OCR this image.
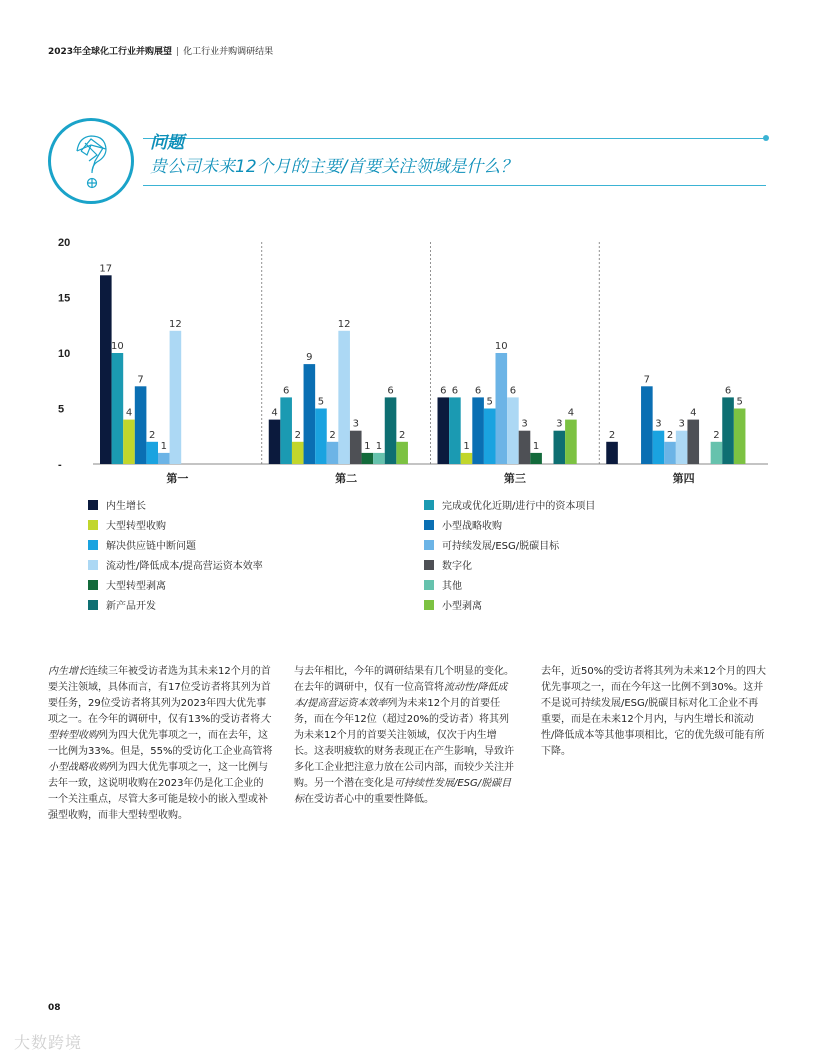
2023年全球化工行业并购展望 | 化工行业并购调研结果
问题
贵公司未来12个月的主要/首要关注领域是什么？
20
15
10
5
-
17
10
4
7
2
1
12
第一
4
6
2
9
5
2
12
3
1 1
6
2
第二
6 6
1
6
5
10
6
3
1
3
4
第三
2
7
3
2
3
4
2
6
5
第四
内生增长
大型转型收购
解决供应链中断问题
流动性/降低成本/提高营运资本效率
大型转型剥离
新产品开发
完成或优化近期/进行中的资本项目
小型战略收购
可持续发展/ESG/脱碳目标
数字化
其他
小型剥离
内生增长连续三年被受访者选为其未来12个月的首要关注领域，具体而言，有17位受访者将其列为首要任务，29位受访者将其列为2023年四大优先事项之一。在今年的调研中，仅有13%的受访者将大型转型收购列为四大优先事项之一，而在去年，这一比例为33%。但是，55%的受访化工企业高管将小型战略收购列为四大优先事项之一，这一比例与去年一致，这说明收购在2023年仍是化工企业的一个关注重点，尽管大多可能是较小的嵌入型或补强型收购，而非大型转型收购。
与去年相比，今年的调研结果有几个明显的变化。在去年的调研中，仅有一位高管将流动性/降低成本/提高营运资本效率列为未来12个月的首要任务，而在今年12位（超过20%的受访者）将其列为未来12个月的首要关注领域，仅次于内生增长。这表明疲软的财务表现正在产生影响，导致许多化工企业把注意力放在公司内部，而较少关注并购。另一个潜在变化是可持续性发展/ESG/脱碳目标在受访者心中的重要性降低。
去年，近50%的受访者将其列为未来12个月的四大优先事项之一，而在今年这一比例不到30%。这并不是说可持续发展/ESG/脱碳目标对化工企业不再重要，而是在未来12个月内，与内生增长和流动性/降低成本等其他事项相比，它的优先级可能有所下降。
08
大数跨境
